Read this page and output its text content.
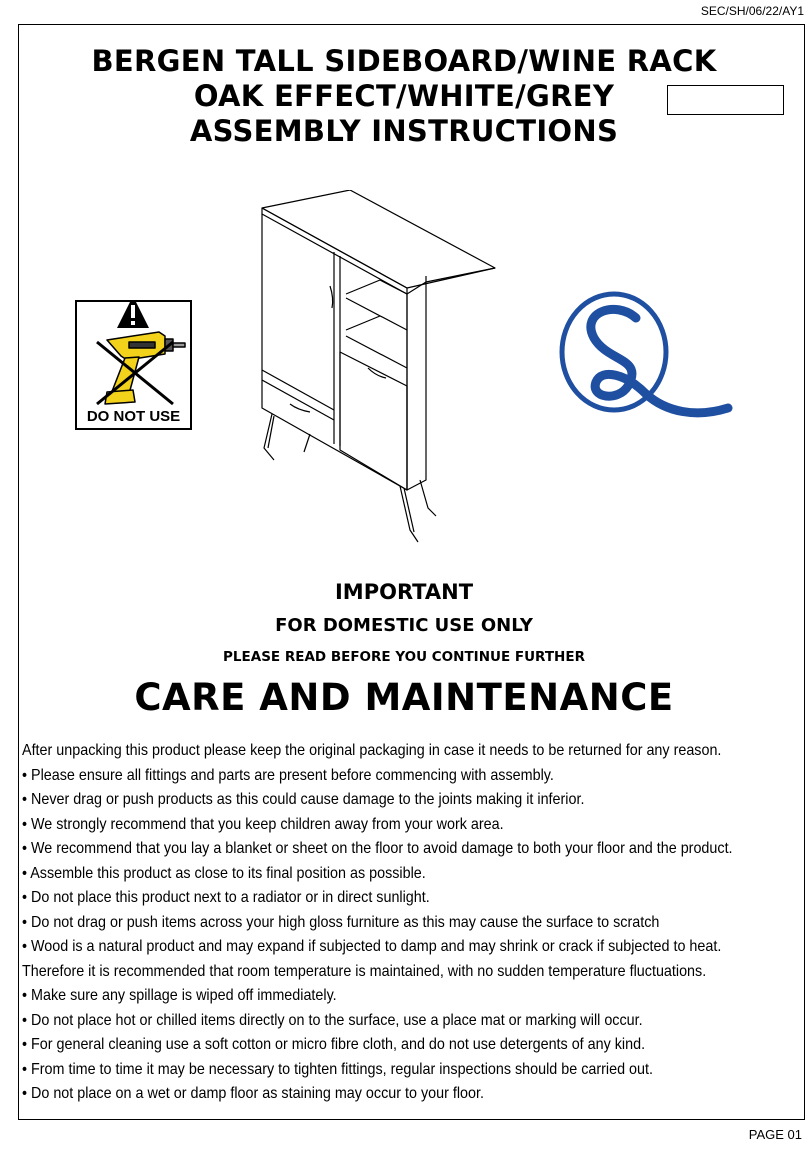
SEC/SH/06/22/AY1
BERGEN TALL SIDEBOARD/WINE RACK
OAK EFFECT/WHITE/GREY
ASSEMBLY INSTRUCTIONS
DO NOT USE
IMPORTANT
FOR DOMESTIC USE ONLY
PLEASE READ BEFORE YOU CONTINUE FURTHER
CARE AND MAINTENANCE
After unpacking this product please keep the original packaging in case it needs to be returned for any reason.
• Please ensure all fittings and parts are present before commencing with assembly.
• Never drag or push products as this could cause damage to the joints making it inferior.
• We strongly recommend that you keep children away from your work area.
• We recommend that you lay a blanket or sheet on the floor to avoid damage to both your floor and the product.
• Assemble this product as close to its final position as possible.
• Do not place this product next to a radiator or in direct sunlight.
• Do not drag or push items across your high gloss furniture as this may cause the surface to scratch
• Wood is a natural product and may expand if subjected to damp and may shrink or crack if subjected to heat.
Therefore it is recommended that room temperature is maintained, with no sudden temperature fluctuations.
• Make sure any spillage is wiped off immediately.
• Do not place hot or chilled items directly on to the surface, use a place mat or marking will occur.
• For general cleaning use a soft cotton or micro fibre cloth, and do not use detergents of any kind.
• From time to time it may be necessary to tighten fittings, regular inspections should be carried out.
• Do not place on a wet or damp floor as staining may occur to your floor.
PAGE 01
